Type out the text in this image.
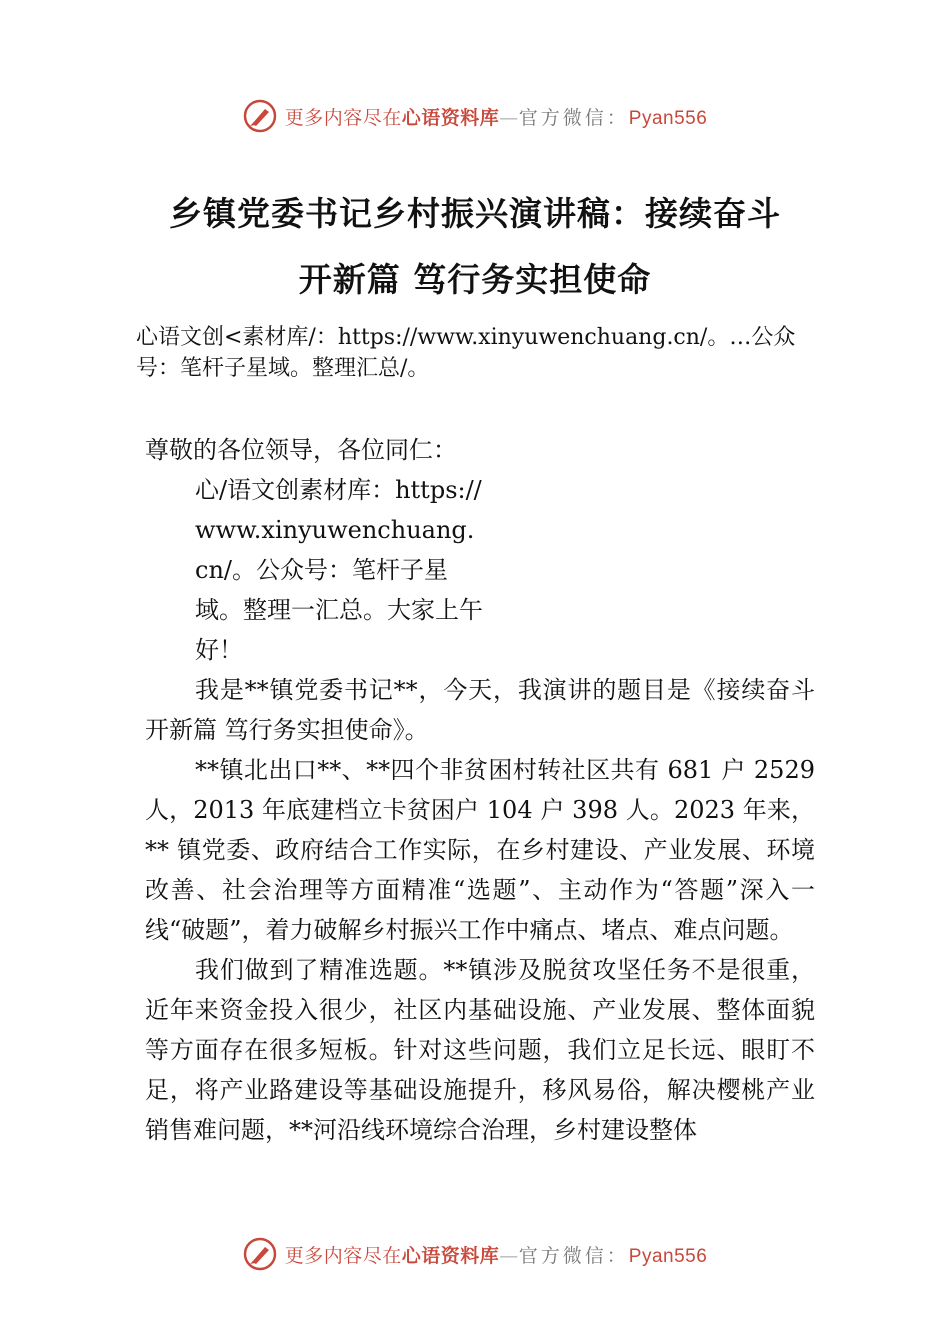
更多内容尽在心语资料库—官方微信：Pyan556
乡镇党委书记乡村振兴演讲稿：接续奋斗
开新篇 笃行务实担使命
心语文创<素材库/：https://www.xinyuwenchuang.cn/。…公众号：笔杆子星域。整理汇总/。

尊敬的各位领导，各位同仁：

心/语文创素材库：https://www.xinyuwenchuang.cn/。公众号：笔杆子星域。整理一汇总。大家上午好！

我是**镇党委书记**，今天，我演讲的题目是《接续奋斗开新篇 笃行务实担使命》。

**镇北出口**、**四个非贫困村转社区共有 681 户 2529 人，2013 年底建档立卡贫困户 104 户 398 人。2023 年来，** 镇党委、政府结合工作实际，在乡村建设、产业发展、环境改善、社会治理等方面精准“选题”、主动作为“答题”深入一线“破题”，着力破解乡村振兴工作中痛点、堵点、难点问题。

我们做到了精准选题。**镇涉及脱贫攻坚任务不是很重，近年来资金投入很少，社区内基础设施、产业发展、整体面貌等方面存在很多短板。针对这些问题，我们立足长远、眼盯不足，将产业路建设等基础设施提升，移风易俗，解决樱桃产业销售难问题，**河沿线环境综合治理，乡村建设整体

更多内容尽在心语资料库—官方微信：Pyan556
